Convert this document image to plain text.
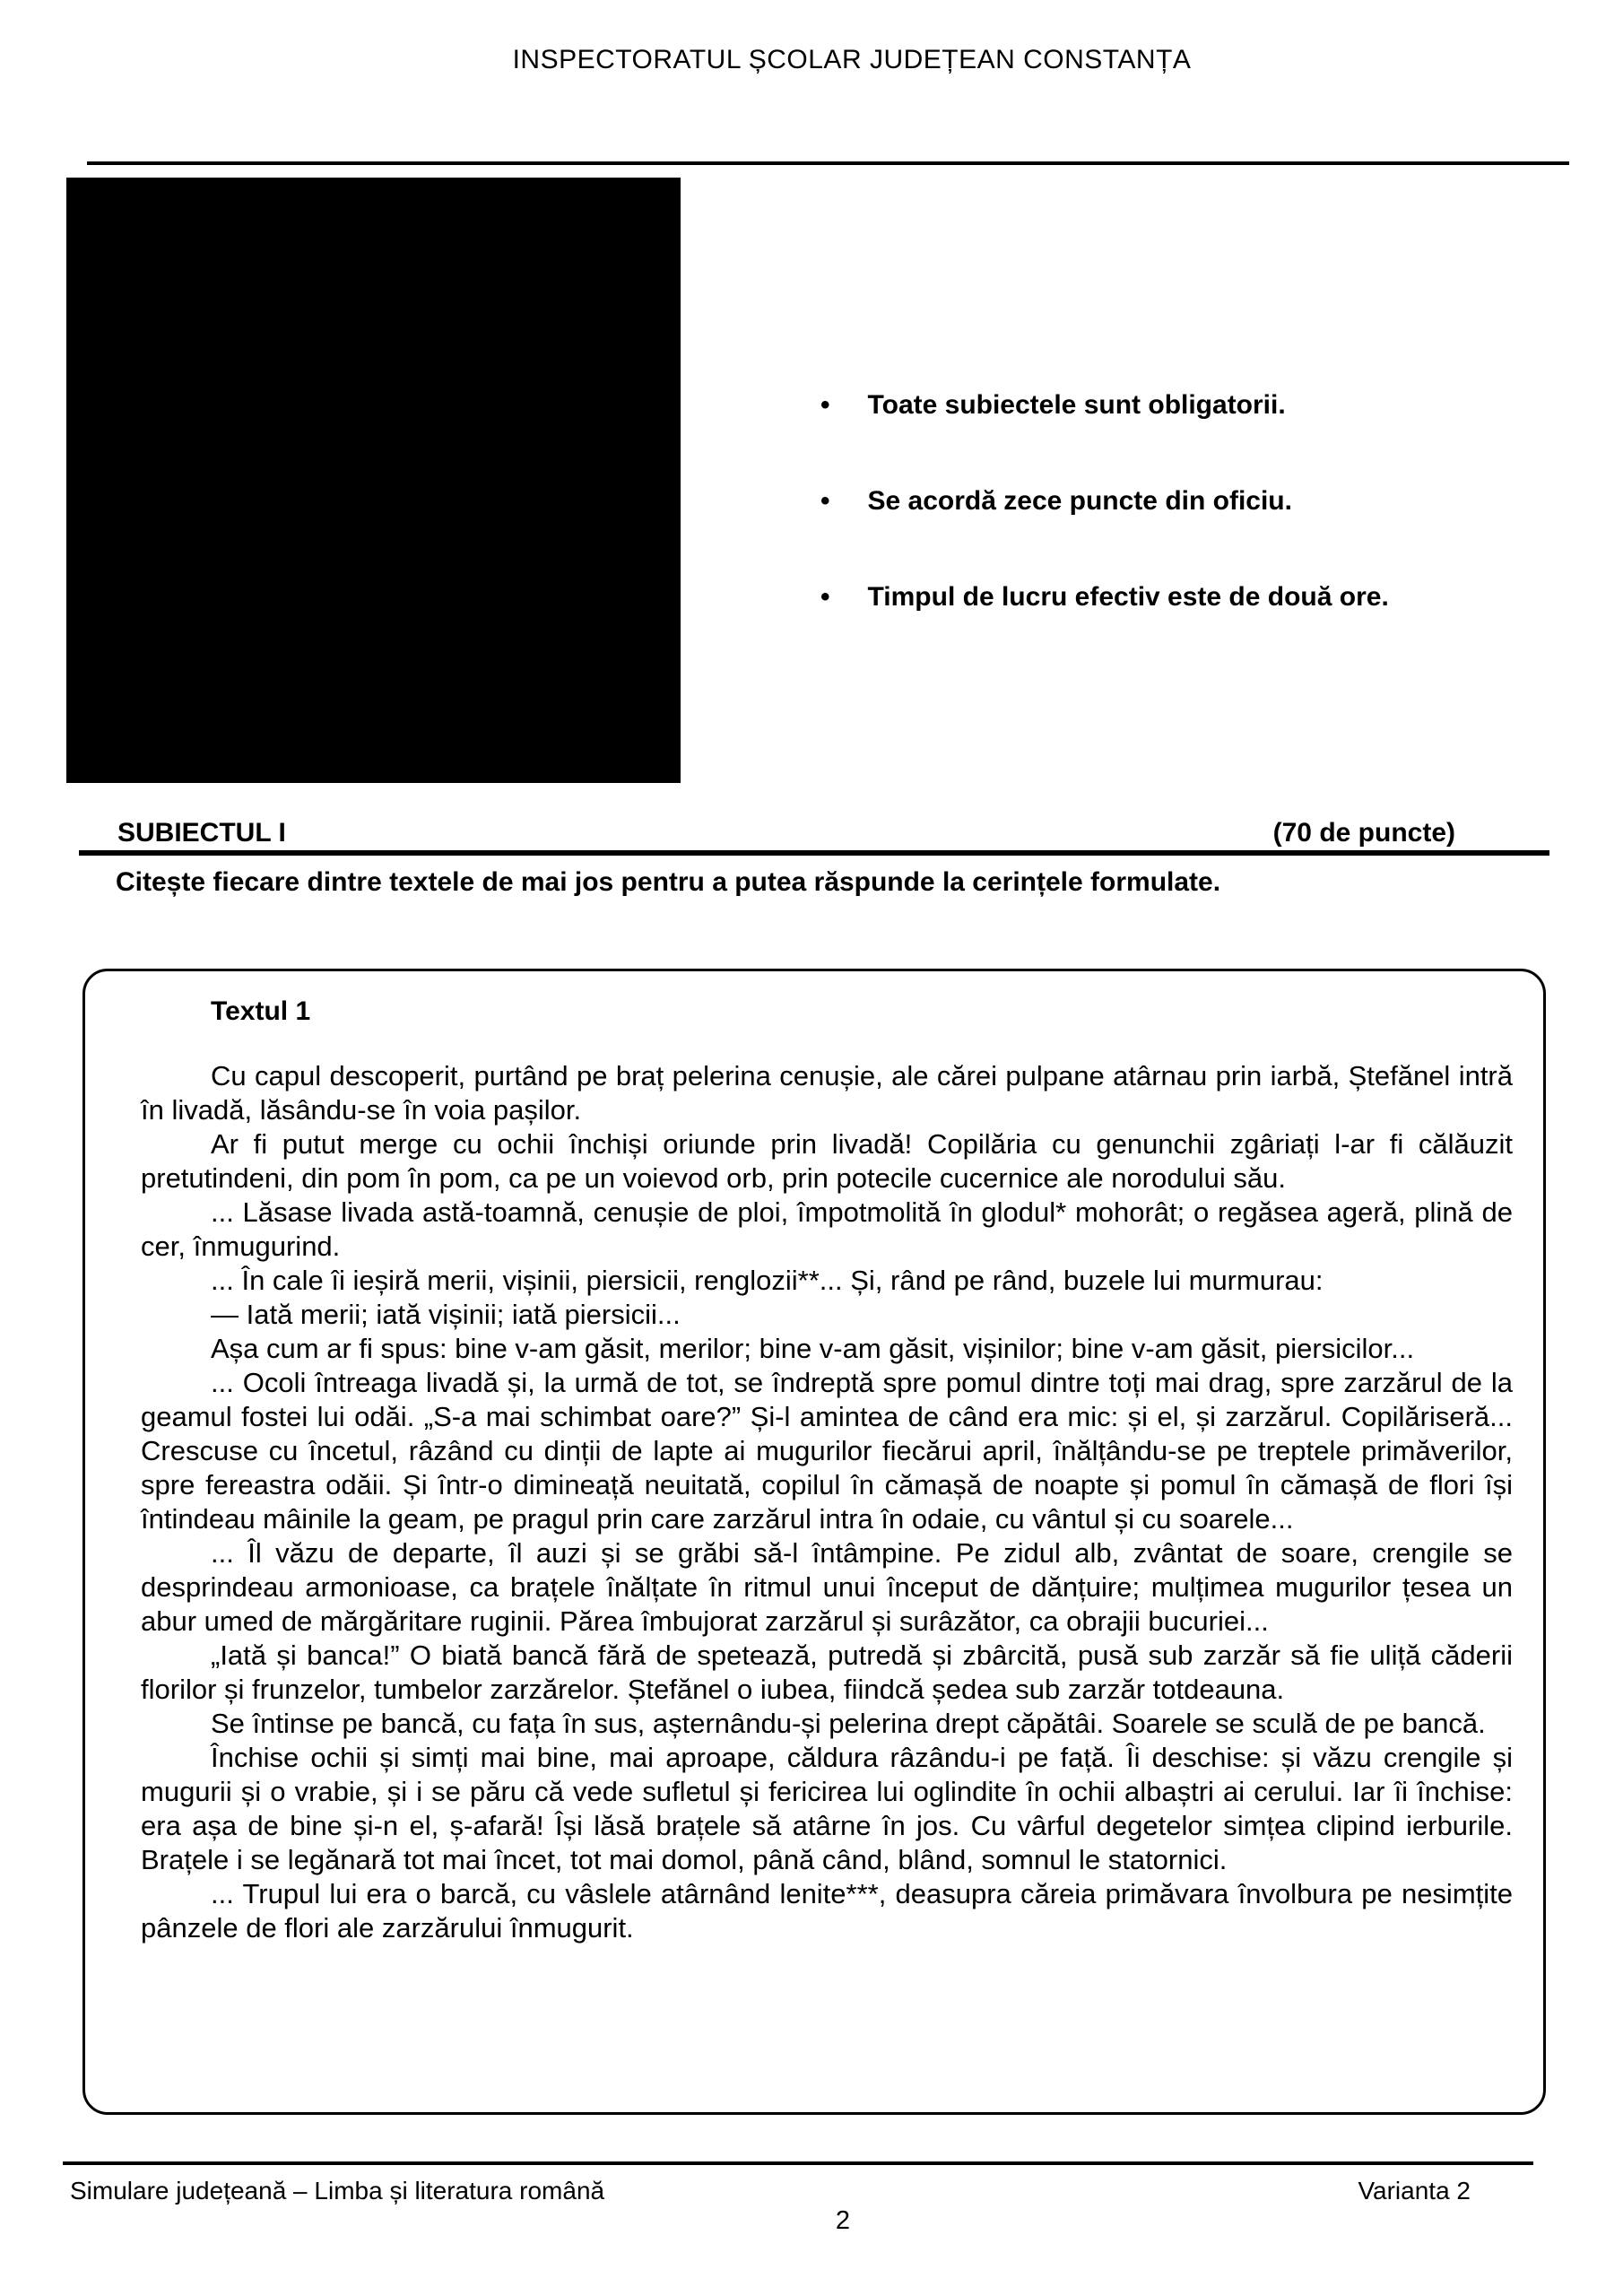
INSPECTORATUL ȘCOLAR JUDEȚEAN CONSTANȚA
• Toate subiectele sunt obligatorii.
• Se acordă zece puncte din oficiu.
• Timpul de lucru efectiv este de două ore.
SUBIECTUL I	(70 de puncte)
Citește fiecare dintre textele de mai jos pentru a putea răspunde la cerințele formulate.
Textul 1

Cu capul descoperit, purtând pe braț pelerina cenușie, ale cărei pulpane atârnau prin iarbă, Ștefănel intră în livadă, lăsându-se în voia pașilor.

Ar fi putut merge cu ochii închiși oriunde prin livadă! Copilăria cu genunchii zgâriați l-ar fi călăuzit pretutindeni, din pom în pom, ca pe un voievod orb, prin potecile cucernice ale norodului său.

... Lăsase livada astă-toamnă, cenușie de ploi, împotmolită în glodul* mohorât; o regăsea ageră, plină de cer, înmugurind.

... În cale îi ieșiră merii, vișinii, piersicii, renglozii**... Și, rând pe rând, buzele lui murmurau:

— Iată merii; iată vișinii; iată piersicii...

Așa cum ar fi spus: bine v-am găsit, merilor; bine v-am găsit, vișinilor; bine v-am găsit, piersicilor...

... Ocoli întreaga livadă și, la urmă de tot, se îndreptă spre pomul dintre toți mai drag, spre zarzărul de la geamul fostei lui odăi. „S-a mai schimbat oare?” Și-l amintea de când era mic: și el, și zarzărul. Copilăriseră... Crescuse cu încetul, râzând cu dinții de lapte ai mugurilor fiecărui april, înălțându-se pe treptele primăverilor, spre fereastra odăii. Și într-o dimineață neuitată, copilul în cămașă de noapte și pomul în cămașă de flori își întindeau mâinile la geam, pe pragul prin care zarzărul intra în odaie, cu vântul și cu soarele...

... Îl văzu de departe, îl auzi și se grăbi să-l întâmpine. Pe zidul alb, zvântat de soare, crengile se desprindeau armonioase, ca brațele înălțate în ritmul unui început de dănțuire; mulțimea mugurilor țesea un abur umed de mărgăritare ruginii. Părea îmbujorat zarzărul și surâzător, ca obrajii bucuriei...

„Iată și banca!” O biată bancă fără de spetează, putredă și zbârcită, pusă sub zarzăr să fie uliță căderii florilor și frunzelor, tumbelor zarzărelor. Ștefănel o iubea, fiindcă ședea sub zarzăr totdeauna.

Se întinse pe bancă, cu fața în sus, așternându-și pelerina drept căpătâi. Soarele se sculă de pe bancă.

Închise ochii și simți mai bine, mai aproape, căldura râzându-i pe față. Îi deschise: și văzu crengile și mugurii și o vrabie, și i se păru că vede sufletul și fericirea lui oglindite în ochii albaștri ai cerului. Iar îi închise: era așa de bine și-n el, ș-afară! Își lăsă brațele să atârne în jos. Cu vârful degetelor simțea clipind ierburile. Brațele i se legănară tot mai încet, tot mai domol, până când, blând, somnul le statornici.

... Trupul lui era o barcă, cu vâslele atârnând lenite***, deasupra căreia primăvara învolbura pe nesimțite pânzele de flori ale zarzărului înmugurit.

Simulare județeană – Limba și literatura română	Varianta 2
2
